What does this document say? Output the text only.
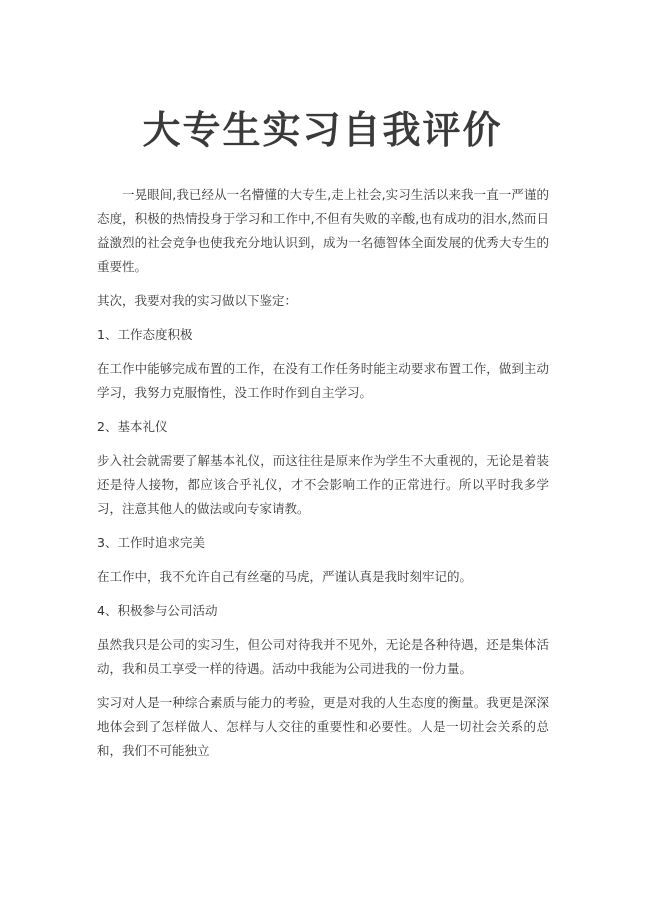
大专生实习自我评价

一晃眼间,我已经从一名懵懂的大专生,走上社会,实习生活以来我一直一严谨的态度，积极的热情投身于学习和工作中,不但有失败的辛酸,也有成功的泪水,然而日益激烈的社会竞争也使我充分地认识到，成为一名德智体全面发展的优秀大专生的重要性。

其次，我要对我的实习做以下鉴定：

1、工作态度积极

在工作中能够完成布置的工作，在没有工作任务时能主动要求布置工作，做到主动学习，我努力克服惰性，没工作时作到自主学习。

2、基本礼仪

步入社会就需要了解基本礼仪，而这往往是原来作为学生不大重视的，无论是着装还是待人接物，都应该合乎礼仪，才不会影响工作的正常进行。所以平时我多学习，注意其他人的做法或向专家请教。

3、工作时追求完美

在工作中，我不允许自己有丝毫的马虎，严谨认真是我时刻牢记的。

4、积极参与公司活动

虽然我只是公司的实习生，但公司对待我并不见外，无论是各种待遇，还是集体活动，我和员工享受一样的待遇。活动中我能为公司进我的一份力量。

实习对人是一种综合素质与能力的考验，更是对我的人生态度的衡量。我更是深深地体会到了怎样做人、怎样与人交往的重要性和必要性。人是一切社会关系的总和，我们不可能独立
